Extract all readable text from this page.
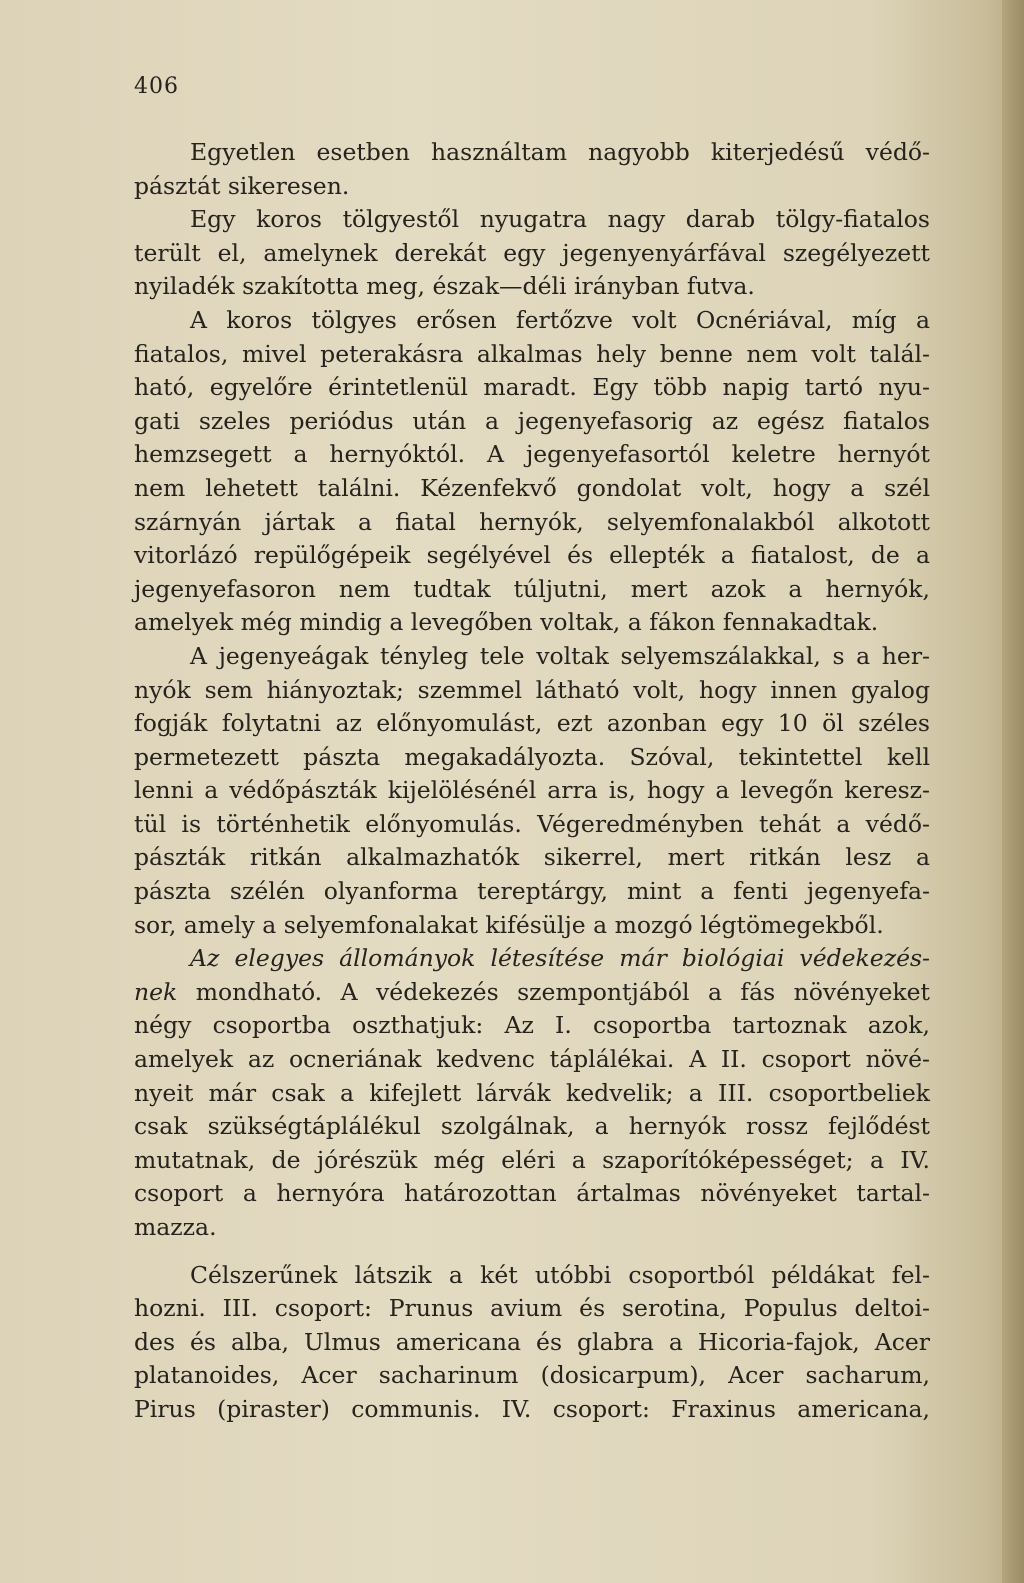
406
Egyetlen esetben használtam nagyobb kiterjedésű védő-
pásztát sikeresen.
Egy koros tölgyestől nyugatra nagy darab tölgy-fiatalos
terült el, amelynek derekát egy jegenyenyárfával szegélyezett
nyiladék szakította meg, észak—déli irányban futva.
A koros tölgyes erősen fertőzve volt Ocnériával, míg a
fiatalos, mivel peterakásra alkalmas hely benne nem volt talál-
ható, egyelőre érintetlenül maradt. Egy több napig tartó nyu-
gati szeles periódus után a jegenyefasorig az egész fiatalos
hemzsegett a hernyóktól. A jegenyefasortól keletre hernyót
nem lehetett találni. Kézenfekvő gondolat volt, hogy a szél
szárnyán jártak a fiatal hernyók, selyemfonalakból alkotott
vitorlázó repülőgépeik segélyével és ellepték a fiatalost, de a
jegenyefasoron nem tudtak túljutni, mert azok a hernyók,
amelyek még mindig a levegőben voltak, a fákon fennakadtak.
A jegenyeágak tényleg tele voltak selyemszálakkal, s a her-
nyók sem hiányoztak; szemmel látható volt, hogy innen gyalog
fogják folytatni az előnyomulást, ezt azonban egy 10 öl széles
permetezett pászta megakadályozta. Szóval, tekintettel kell
lenni a védőpászták kijelölésénél arra is, hogy a levegőn keresz-
tül is történhetik előnyomulás. Végeredményben tehát a védő-
pászták ritkán alkalmazhatók sikerrel, mert ritkán lesz a
pászta szélén olyanforma tereptárgy, mint a fenti jegenyefa-
sor, amely a selyemfonalakat kifésülje a mozgó légtömegekből.
Az elegyes állományok létesítése már biológiai védekezés-
nek mondható. A védekezés szempontjából a fás növényeket
négy csoportba oszthatjuk: Az I. csoportba tartoznak azok,
amelyek az ocneriának kedvenc táplálékai. A II. csoport növé-
nyeit már csak a kifejlett lárvák kedvelik; a III. csoportbeliek
csak szükségtáplálékul szolgálnak, a hernyók rossz fejlődést
mutatnak, de jórészük még eléri a szaporítóképességet; a IV.
csoport a hernyóra határozottan ártalmas növényeket tartal-
mazza.
Célszerűnek látszik a két utóbbi csoportból példákat fel-
hozni. III. csoport: Prunus avium és serotina, Populus deltoi-
des és alba, Ulmus americana és glabra a Hicoria-fajok, Acer
platanoides, Acer sacharinum (dosicarpum), Acer sacharum,
Pirus (piraster) communis. IV. csoport: Fraxinus americana,
